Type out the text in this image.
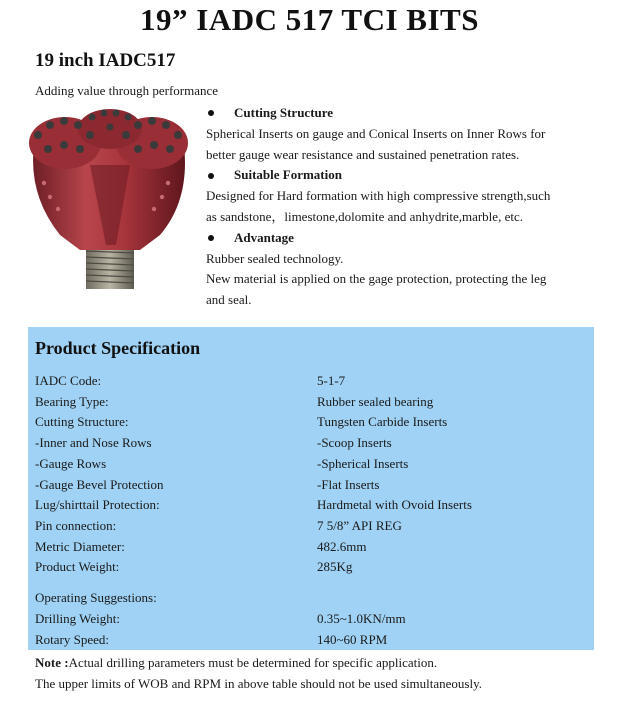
19” IADC 517 TCI BITS
19 inch IADC517
Adding value through performance
Cutting Structure
Spherical Inserts on gauge and Conical Inserts on Inner Rows for
better gauge wear resistance and sustained penetration rates.
Suitable Formation
Designed for Hard formation with high compressive strength,such
as sandstone，limestone,dolomite and anhydrite,marble, etc.
Advantage
Rubber sealed technology.
New material is applied on the gage protection, protecting the leg
and seal.
Product Specification
IADC Code:	5-1-7
Bearing Type:	Rubber sealed bearing
Cutting Structure:	Tungsten Carbide Inserts
-Inner and Nose Rows	-Scoop Inserts
-Gauge Rows	-Spherical Inserts
-Gauge Bevel Protection	-Flat Inserts
Lug/shirttail Protection:	Hardmetal with Ovoid Inserts
Pin connection:	7 5/8” API REG
Metric Diameter:	482.6mm
Product Weight:	285Kg
Operating Suggestions:
Drilling Weight:	0.35~1.0KN/mm
Rotary Speed:	140~60 RPM
Note :Actual drilling parameters must be determined for specific application.
The upper limits of WOB and RPM in above table should not be used simultaneously.
